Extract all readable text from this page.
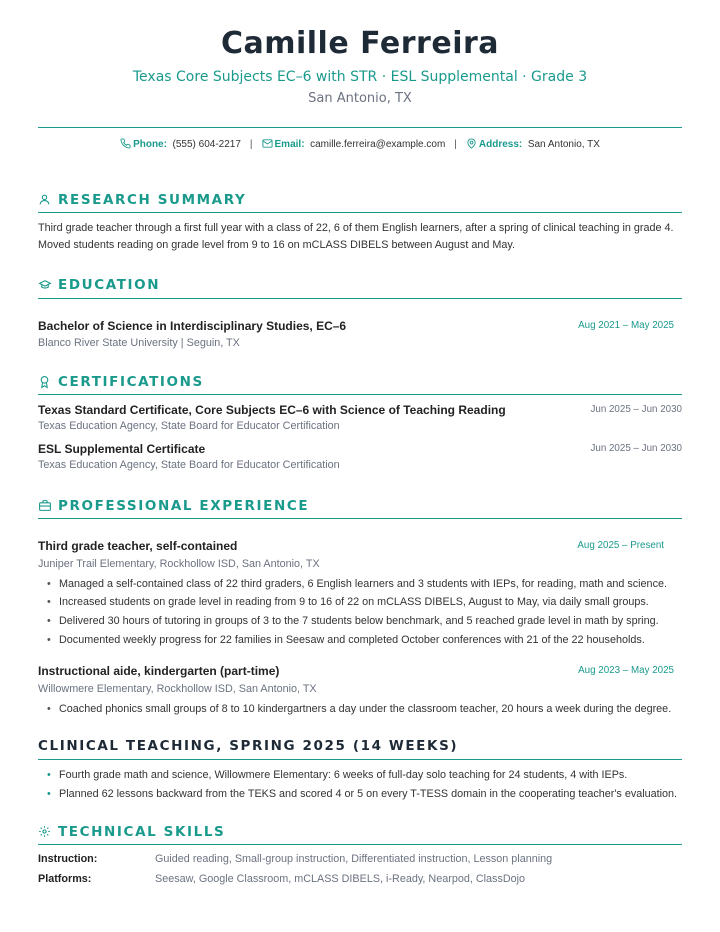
Camille Ferreira
Texas Core Subjects EC–6 with STR · ESL Supplemental · Grade 3
San Antonio, TX
Phone: (555) 604-2217 | Email: camille.ferreira@example.com | Address: San Antonio, TX
RESEARCH SUMMARY
Third grade teacher through a first full year with a class of 22, 6 of them English learners, after a spring of clinical teaching in grade 4. Moved students reading on grade level from 9 to 16 on mCLASS DIBELS between August and May.
EDUCATION
Bachelor of Science in Interdisciplinary Studies, EC–6	Aug 2021 – May 2025
Blanco River State University | Seguin, TX
CERTIFICATIONS
Texas Standard Certificate, Core Subjects EC–6 with Science of Teaching Reading	Jun 2025 – Jun 2030
Texas Education Agency, State Board for Educator Certification
ESL Supplemental Certificate	Jun 2025 – Jun 2030
Texas Education Agency, State Board for Educator Certification
PROFESSIONAL EXPERIENCE
Third grade teacher, self-contained	Aug 2025 – Present
Juniper Trail Elementary, Rockhollow ISD, San Antonio, TX
• Managed a self-contained class of 22 third graders, 6 English learners and 3 students with IEPs, for reading, math and science.
• Increased students on grade level in reading from 9 to 16 of 22 on mCLASS DIBELS, August to May, via daily small groups.
• Delivered 30 hours of tutoring in groups of 3 to the 7 students below benchmark, and 5 reached grade level in math by spring.
• Documented weekly progress for 22 families in Seesaw and completed October conferences with 21 of the 22 households.
Instructional aide, kindergarten (part-time)	Aug 2023 – May 2025
Willowmere Elementary, Rockhollow ISD, San Antonio, TX
• Coached phonics small groups of 8 to 10 kindergartners a day under the classroom teacher, 20 hours a week during the degree.
CLINICAL TEACHING, SPRING 2025 (14 WEEKS)
• Fourth grade math and science, Willowmere Elementary: 6 weeks of full-day solo teaching for 24 students, 4 with IEPs.
• Planned 62 lessons backward from the TEKS and scored 4 or 5 on every T-TESS domain in the cooperating teacher's evaluation.
TECHNICAL SKILLS
Instruction:	Guided reading, Small-group instruction, Differentiated instruction, Lesson planning
Platforms:	Seesaw, Google Classroom, mCLASS DIBELS, i-Ready, Nearpod, ClassDojo
